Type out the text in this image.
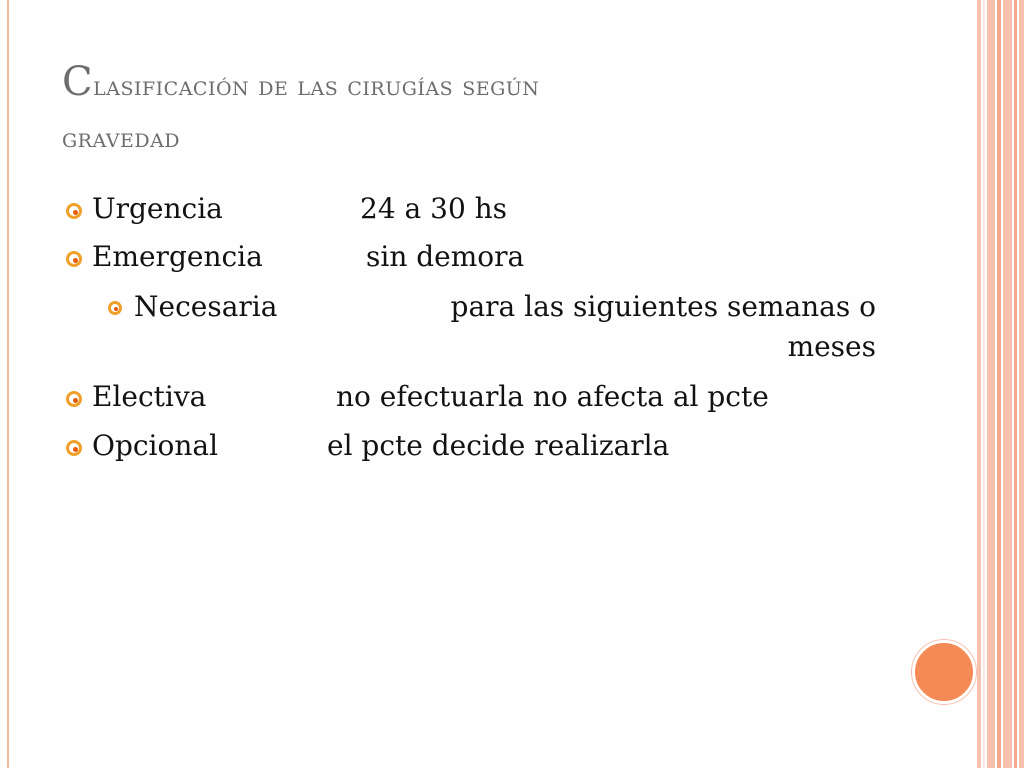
Clasificación de las cirugías según
gravedad
Urgencia	24 a 30 hs
Emergencia	sin demora
Necesaria	para las siguientes semanas o meses
Electiva	no efectuarla no afecta al pcte
Opcional	el pcte decide realizarla
